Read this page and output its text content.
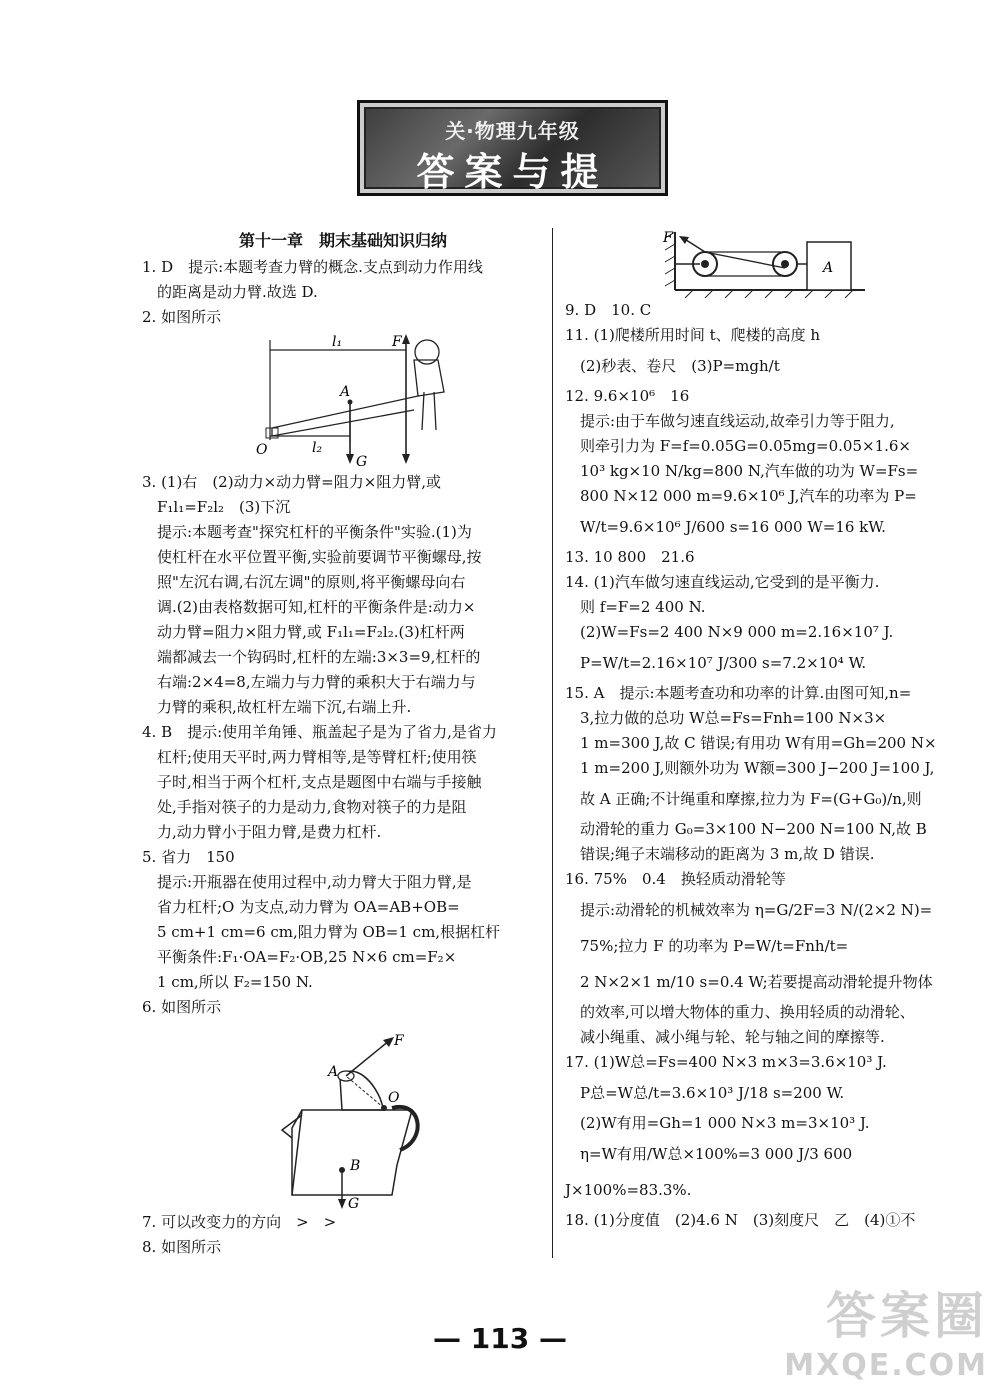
关·物理九年级
答案与提

第十一章　期末基础知识归纳

1. D　提示:本题考查力臂的概念.支点到动力作用线

　的距离是动力臂.故选 D.

2. 如图所示

l₁
l₂
F
A
O
G

3. (1)右　(2)动力×动力臂=阻力×阻力臂,或

　F₁l₁=F₂l₂　(3)下沉

　提示:本题考查"探究杠杆的平衡条件"实验.(1)为

　使杠杆在水平位置平衡,实验前要调节平衡螺母,按

　照"左沉右调,右沉左调"的原则,将平衡螺母向右

　调.(2)由表格数据可知,杠杆的平衡条件是:动力×

　动力臂=阻力×阻力臂,或 F₁l₁=F₂l₂.(3)杠杆两

　端都减去一个钩码时,杠杆的左端:3×3=9,杠杆的

　右端:2×4=8,左端力与力臂的乘积大于右端力与

　力臂的乘积,故杠杆左端下沉,右端上升.

4. B　提示:使用羊角锤、瓶盖起子是为了省力,是省力

　杠杆;使用天平时,两力臂相等,是等臂杠杆;使用筷

　子时,相当于两个杠杆,支点是题图中右端与手接触

　处,手指对筷子的力是动力,食物对筷子的力是阻

　力,动力臂小于阻力臂,是费力杠杆.

5. 省力　150

　提示:开瓶器在使用过程中,动力臂大于阻力臂,是

　省力杠杆;O 为支点,动力臂为 OA=AB+OB=

　5 cm+1 cm=6 cm,阻力臂为 OB=1 cm,根据杠杆

　平衡条件:F₁·OA=F₂·OB,25 N×6 cm=F₂×

　1 cm,所以 F₂=150 N.

6. 如图所示

F
A
O
B
G

7. 可以改变力的方向　>　>

8. 如图所示

F
A

9. D　10. C

11. (1)爬楼所用时间 t、爬楼的高度 h

　(2)秒表、卷尺　(3)P=mgh/t

12. 9.6×10⁶　16

　提示:由于车做匀速直线运动,故牵引力等于阻力,

　则牵引力为 F=f=0.05G=0.05mg=0.05×1.6×

　10³ kg×10 N/kg=800 N,汽车做的功为 W=Fs=

　800 N×12 000 m=9.6×10⁶ J,汽车的功率为 P=

　W/t=9.6×10⁶ J/600 s=16 000 W=16 kW.

13. 10 800　21.6

14. (1)汽车做匀速直线运动,它受到的是平衡力.

　则 f=F=2 400 N.

　(2)W=Fs=2 400 N×9 000 m=2.16×10⁷ J.

　P=W/t=2.16×10⁷ J/300 s=7.2×10⁴ W.

15. A　提示:本题考查功和功率的计算.由图可知,n=

　3,拉力做的总功 W总=Fs=Fnh=100 N×3×

　1 m=300 J,故 C 错误;有用功 W有用=Gh=200 N×

　1 m=200 J,则额外功为 W额=300 J−200 J=100 J,

　故 A 正确;不计绳重和摩擦,拉力为 F=(G+G₀)/n,则

　动滑轮的重力 G₀=3×100 N−200 N=100 N,故 B

　错误;绳子末端移动的距离为 3 m,故 D 错误.

16. 75%　0.4　换轻质动滑轮等

　提示:动滑轮的机械效率为 η=G/2F=3 N/(2×2 N)=

　75%;拉力 F 的功率为 P=W/t=Fnh/t=

　2 N×2×1 m/10 s=0.4 W;若要提高动滑轮提升物体

　的效率,可以增大物体的重力、换用轻质的动滑轮、

　减小绳重、减小绳与轮、轮与轴之间的摩擦等.

17. (1)W总=Fs=400 N×3 m×3=3.6×10³ J.

　P总=W总/t=3.6×10³ J/18 s=200 W.

　(2)W有用=Gh=1 000 N×3 m=3×10³ J.

　η=W有用/W总×100%=3 000 J/3 600 J×100%=83.3%.

18. (1)分度值　(2)4.6 N　(3)刻度尺　乙　(4)①不

— 113 —	答案圈
MXQE.COM
